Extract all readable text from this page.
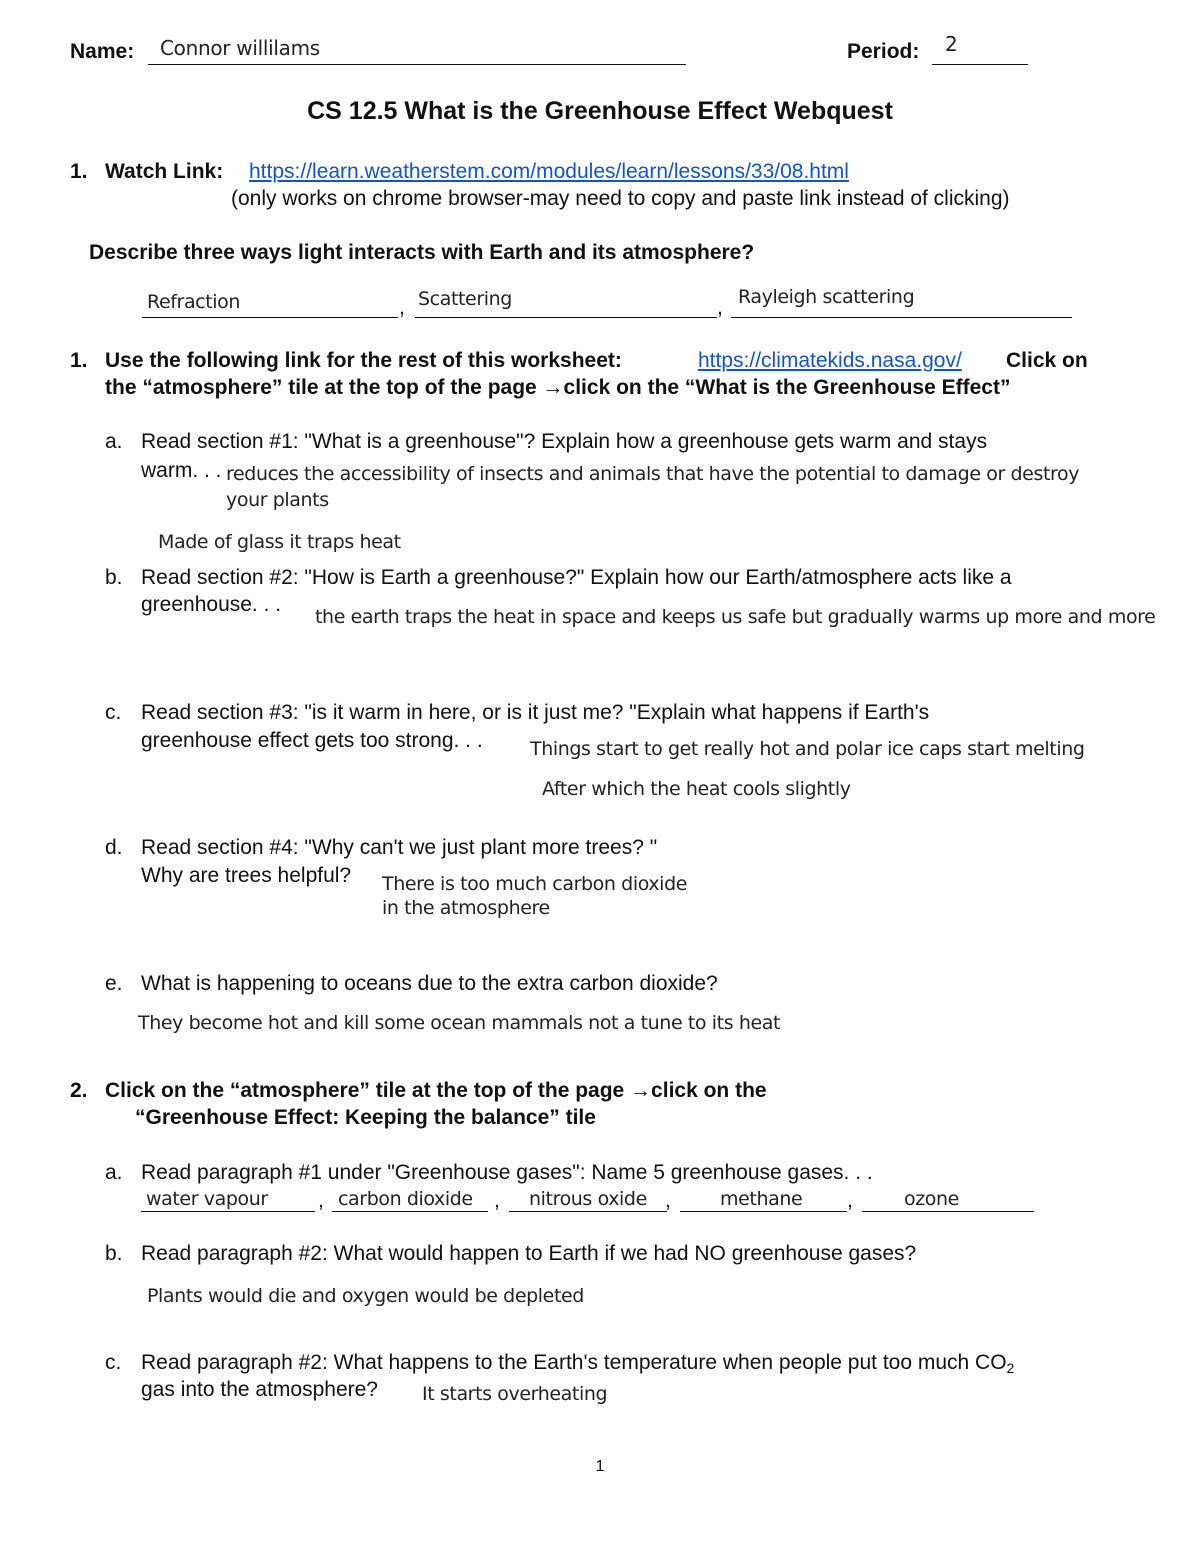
Name: Connor willilams	Period: 2
CS 12.5 What is the Greenhouse Effect Webquest
1. Watch Link: https://learn.weatherstem.com/modules/learn/lessons/33/08.html
(only works on chrome browser-may need to copy and paste link instead of clicking)
Describe three ways light interacts with Earth and its atmosphere?
Refraction	, Scattering	, Rayleigh scattering
1. Use the following link for the rest of this worksheet:	https://climatekids.nasa.gov/ Click on
the “atmosphere” tile at the top of the page →click on the “What is the Greenhouse Effect”
a. Read section #1: "What is a greenhouse"? Explain how a greenhouse gets warm and stays
warm. . . reduces the accessibility of insects and animals that have the potential to damage or destroy
your plants
Made of glass it traps heat
b. Read section #2: "How is Earth a greenhouse?" Explain how our Earth/atmosphere acts like a
greenhouse. . .
the earth traps the heat in space and keeps us safe but gradually warms up more and more
c. Read section #3: "is it warm in here, or is it just me? "Explain what happens if Earth's
greenhouse effect gets too strong. . . Things start to get really hot and polar ice caps start melting
After which the heat cools slightly
d. Read section #4: "Why can't we just plant more trees? "
Why are trees helpful? There is too much carbon dioxide
in the atmosphere
e. What is happening to oceans due to the extra carbon dioxide?
They become hot and kill some ocean mammals not a tune to its heat
2. Click on the “atmosphere” tile at the top of the page →click on the
“Greenhouse Effect: Keeping the balance” tile
a. Read paragraph #1 under "Greenhouse gases": Name 5 greenhouse gases. . .
water vapour , carbon dioxide , nitrous oxide ,	methane ,	ozone
b. Read paragraph #2: What would happen to Earth if we had NO greenhouse gases?
Plants would die and oxygen would be depleted
c. Read paragraph #2: What happens to the Earth's temperature when people put too much $CO_2$
gas into the atmosphere? It starts overheating
1
